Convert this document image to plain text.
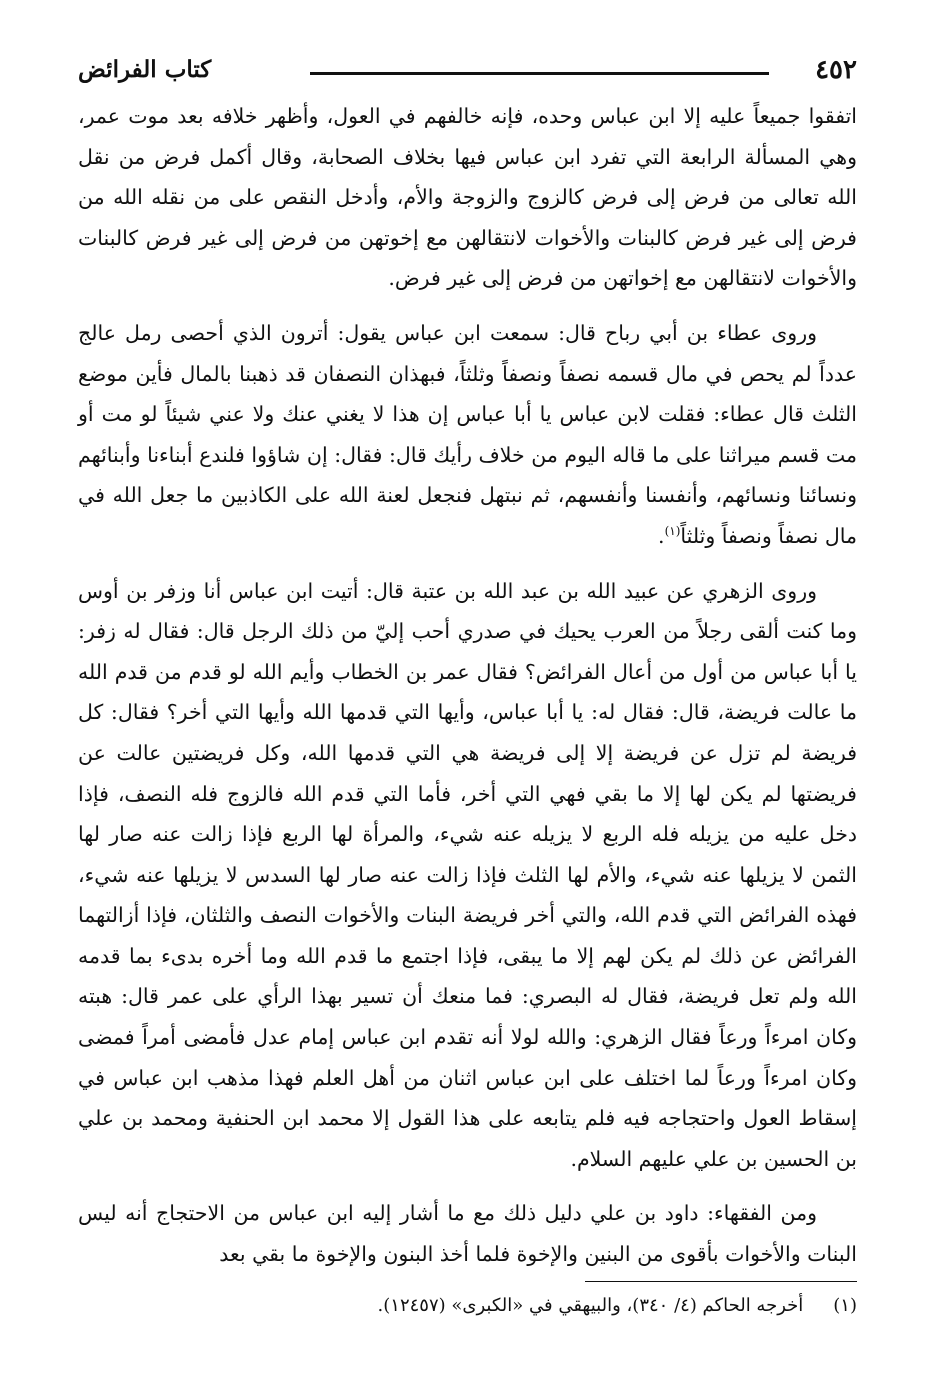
٤٥٢
كتاب الفرائض

اتفقوا جميعاً عليه إلا ابن عباس وحده، فإنه خالفهم في العول، وأظهر خلافه بعد موت عمر، وهي المسألة الرابعة التي تفرد ابن عباس فيها بخلاف الصحابة، وقال أكمل فرض من نقل الله تعالى من فرض إلى فرض كالزوج والزوجة والأم، وأدخل النقص على من نقله الله من فرض إلى غير فرض كالبنات والأخوات لانتقالهن مع إخوتهن من فرض إلى غير فرض كالبنات والأخوات لانتقالهن مع إخواتهن من فرض إلى غير فرض.

وروى عطاء بن أبي رباح قال: سمعت ابن عباس يقول: أترون الذي أحصى رمل عالج عدداً لم يحص في مال قسمه نصفاً ونصفاً وثلثاً، فبهذان النصفان قد ذهبنا بالمال فأين موضع الثلث قال عطاء: فقلت لابن عباس يا أبا عباس إن هذا لا يغني عنك ولا عني شيئاً لو مت أو مت قسم ميراثنا على ما قاله اليوم من خلاف رأيك قال: فقال: إن شاؤوا فلندع أبناءنا وأبنائهم ونسائنا ونسائهم، وأنفسنا وأنفسهم، ثم نبتهل فنجعل لعنة الله على الكاذبين ما جعل الله في مال نصفاً ونصفاً وثلثاً$^{(١)}$.

وروى الزهري عن عبيد الله بن عبد الله بن عتبة قال: أتيت ابن عباس أنا وزفر بن أوس وما كنت ألقى رجلاً من العرب يحيك في صدري أحب إليّ من ذلك الرجل قال: فقال له زفر: يا أبا عباس من أول من أعال الفرائض؟ فقال عمر بن الخطاب وأيم الله لو قدم من قدم الله ما عالت فريضة، قال: فقال له: يا أبا عباس، وأيها التي قدمها الله وأيها التي أخر؟ فقال: كل فريضة لم تزل عن فريضة إلا إلى فريضة هي التي قدمها الله، وكل فريضتين عالت عن فريضتها لم يكن لها إلا ما بقي فهي التي أخر، فأما التي قدم الله فالزوج فله النصف، فإذا دخل عليه من يزيله فله الربع لا يزيله عنه شيء، والمرأة لها الربع فإذا زالت عنه صار لها الثمن لا يزيلها عنه شيء، والأم لها الثلث فإذا زالت عنه صار لها السدس لا يزيلها عنه شيء، فهذه الفرائض التي قدم الله، والتي أخر فريضة البنات والأخوات النصف والثلثان، فإذا أزالتهما الفرائض عن ذلك لم يكن لهم إلا ما يبقى، فإذا اجتمع ما قدم الله وما أخره بدىء بما قدمه الله ولم تعل فريضة، فقال له البصري: فما منعك أن تسير بهذا الرأي على عمر قال: هبته وكان امرءاً ورعاً فقال الزهري: والله لولا أنه تقدم ابن عباس إمام عدل فأمضى أمراً فمضى وكان امرءاً ورعاً لما اختلف على ابن عباس اثنان من أهل العلم فهذا مذهب ابن عباس في إسقاط العول واحتجاجه فيه فلم يتابعه على هذا القول إلا محمد ابن الحنفية ومحمد بن علي بن الحسين بن علي عليهم السلام.

ومن الفقهاء: داود بن علي دليل ذلك مع ما أشار إليه ابن عباس من الاحتجاج أنه ليس البنات والأخوات بأقوى من البنين والإخوة فلما أخذ البنون والإخوة ما بقي بعد

(١)أخرجه الحاكم (٤/ ٣٤٠)، والبيهقي في «الكبرى» (١٢٤٥٧).
